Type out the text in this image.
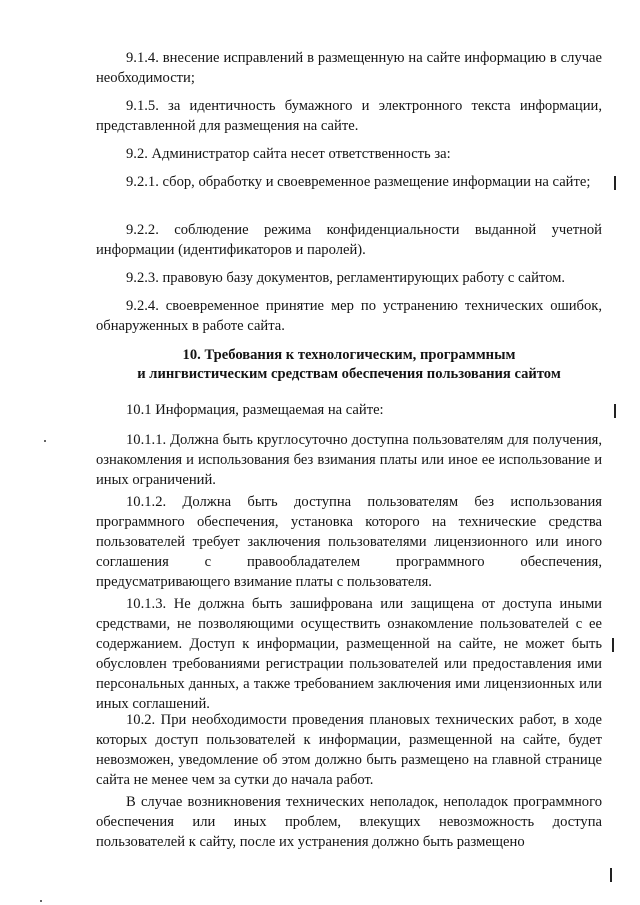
9.1.4. внесение исправлений в размещенную на сайте информацию в случае необходимости;

9.1.5. за идентичность бумажного и электронного текста информации, представленной для размещения на сайте.

9.2. Администратор сайта несет ответственность за:

9.2.1. сбор, обработку и своевременное размещение информации на сайте;

9.2.2. соблюдение режима конфиденциальности выданной учетной информации (идентификаторов и паролей).

9.2.3. правовую базу документов, регламентирующих работу с сайтом.

9.2.4. своевременное принятие мер по устранению технических ошибок, обнаруженных в работе сайта.

10. Требования к технологическим, программным
и лингвистическим средствам обеспечения пользования сайтом

10.1 Информация, размещаемая на сайте:

10.1.1. Должна быть круглосуточно доступна пользователям для получения, ознакомления и использования без взимания платы или иное ее использование и иных ограничений.

10.1.2. Должна быть доступна пользователям без использования программного обеспечения, установка которого на технические средства пользователей требует заключения пользователями лицензионного или иного соглашения с правообладателем программного обеспечения, предусматривающего взимание платы с пользователя.

10.1.3. Не должна быть зашифрована или защищена от доступа иными средствами, не позволяющими осуществить ознакомление пользователей с ее содержанием. Доступ к информации, размещенной на сайте, не может быть обусловлен требованиями регистрации пользователей или предоставления ими персональных данных, а также требованием заключения ими лицензионных или иных соглашений.

10.2. При необходимости проведения плановых технических работ, в ходе которых доступ пользователей к информации, размещенной на сайте, будет невозможен, уведомление об этом должно быть размещено на главной странице сайта не менее чем за сутки до начала работ.

В случае возникновения технических неполадок, неполадок программного обеспечения или иных проблем, влекущих невозможность доступа пользователей к сайту, после их устранения должно быть размещено
